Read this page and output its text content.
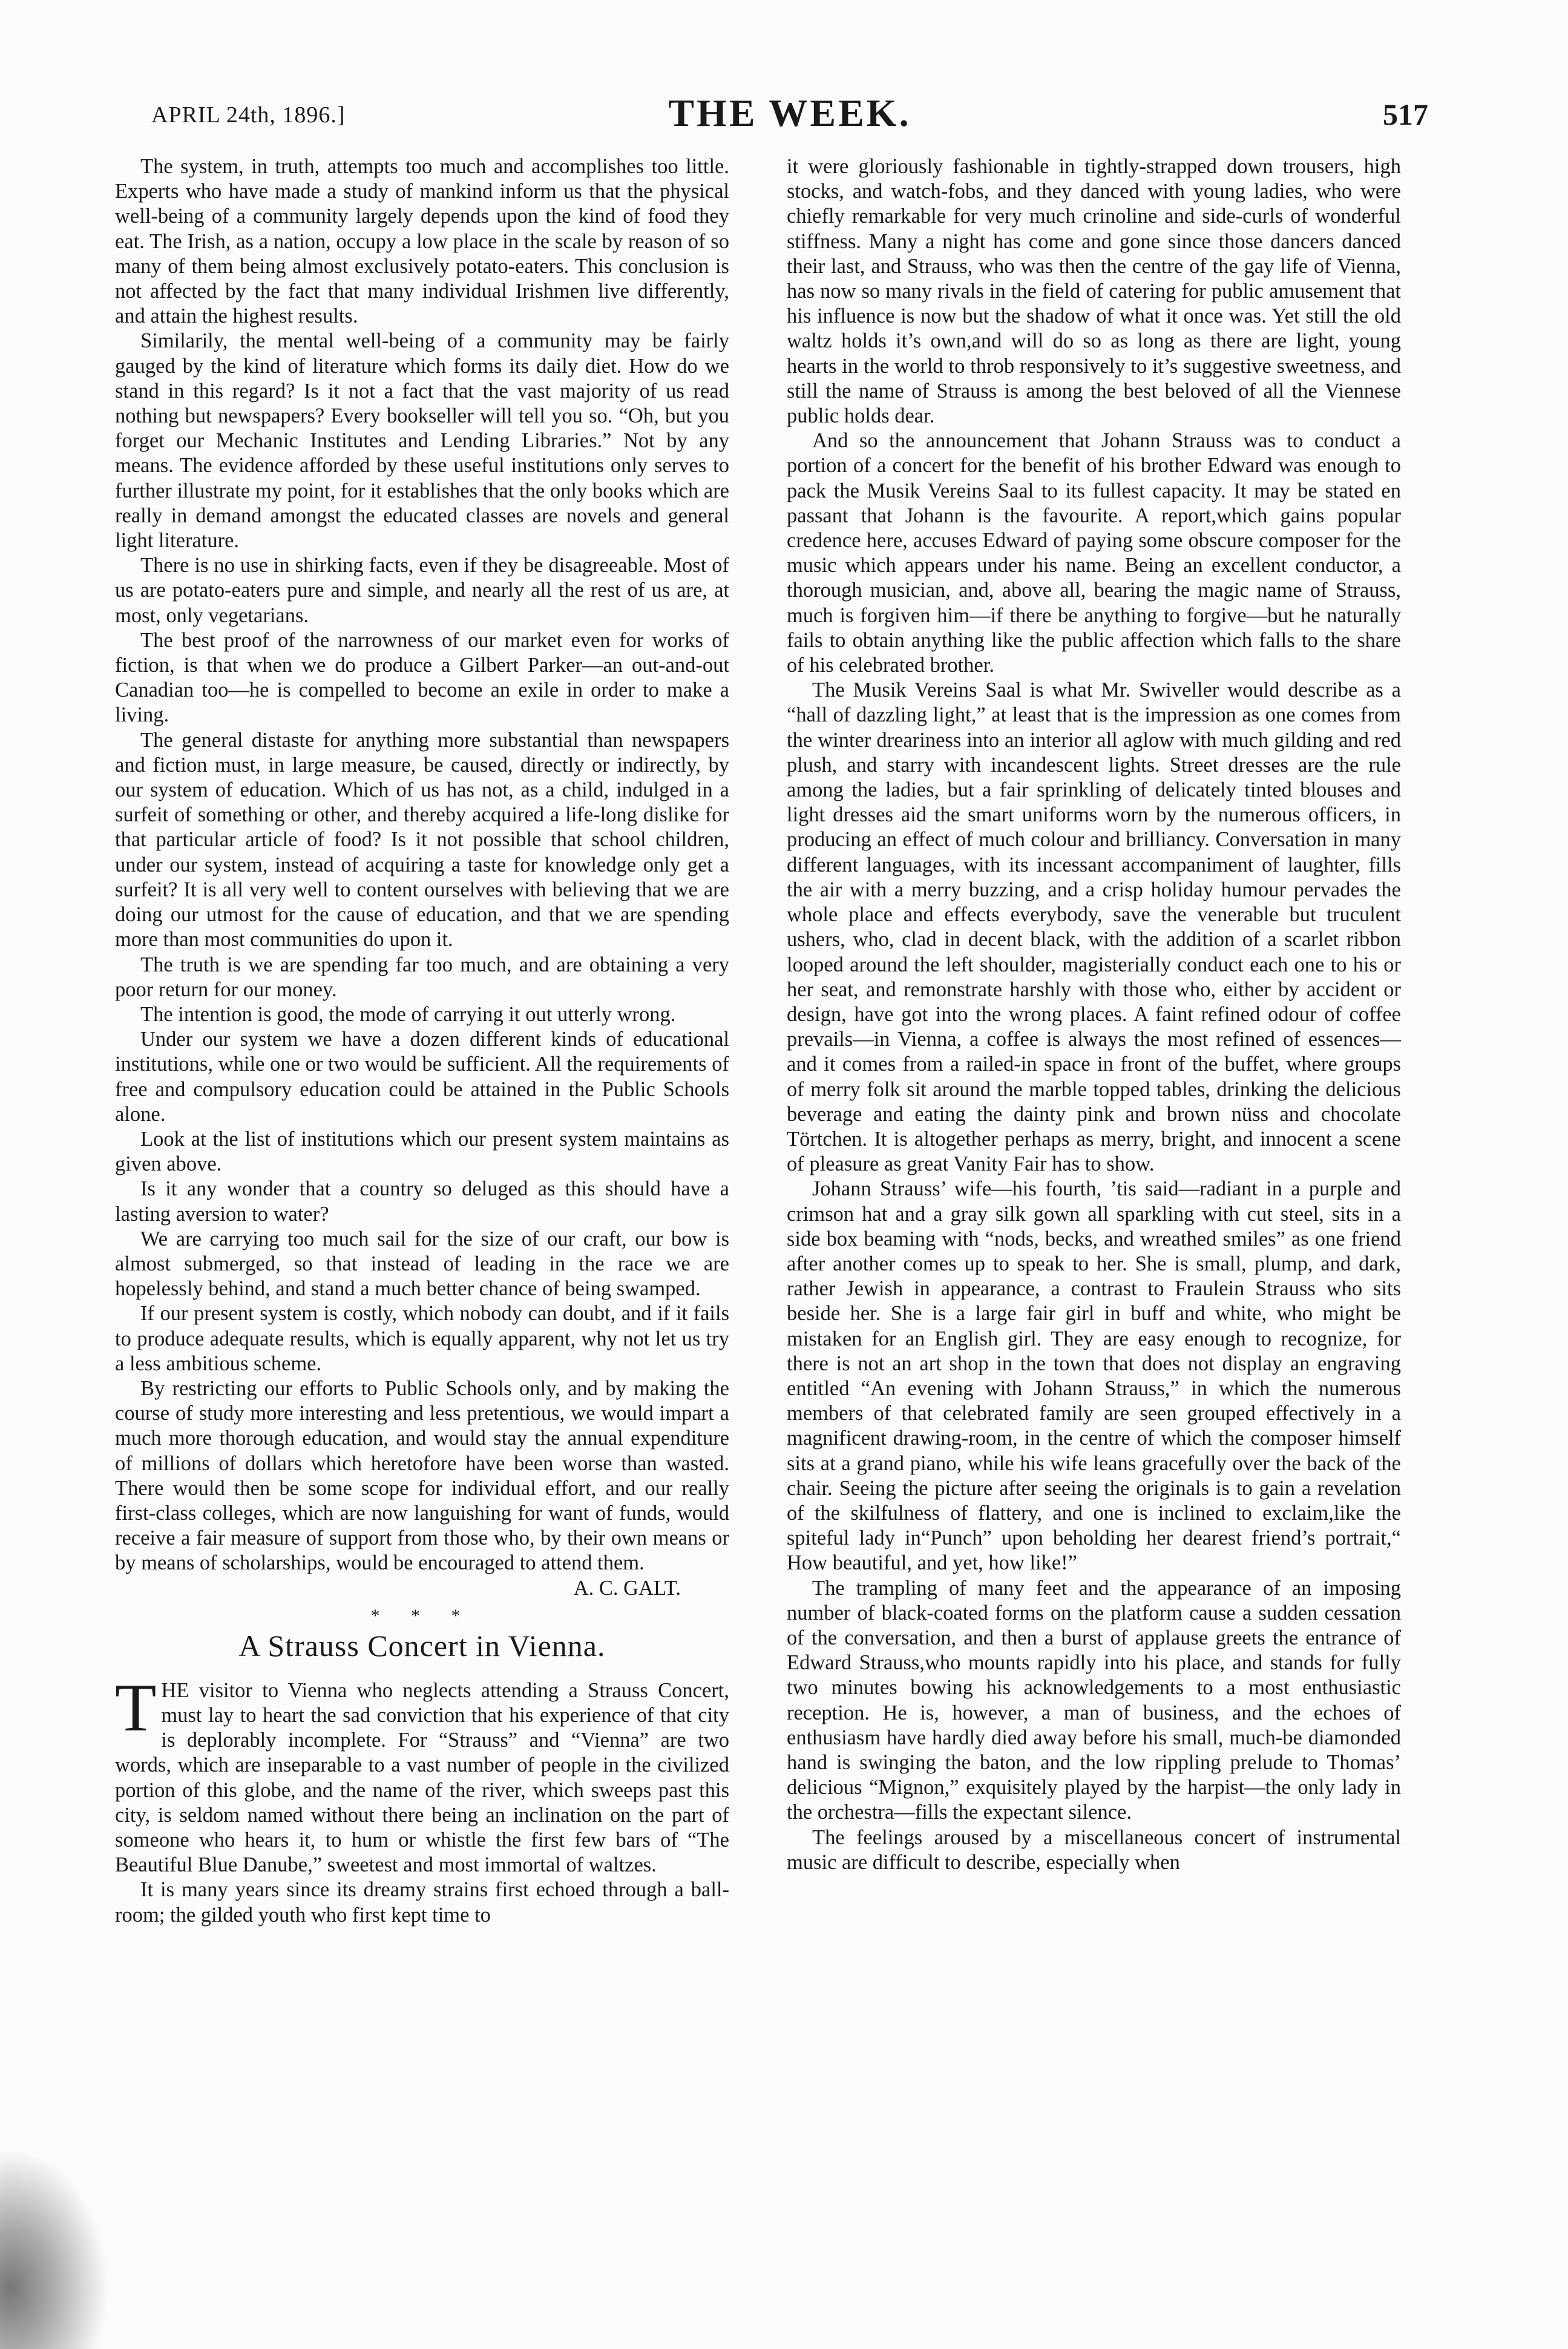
APRIL 24th, 1896.]	THE WEEK.	517

The system, in truth, attempts too much and accomplishes too little. Experts who have made a study of mankind inform us that the physical well-being of a community largely depends upon the kind of food they eat. The Irish, as a nation, occupy a low place in the scale by reason of so many of them being almost exclusively potato-eaters. This conclusion is not affected by the fact that many individual Irishmen live differently, and attain the highest results.

Similarily, the mental well-being of a community may be fairly gauged by the kind of literature which forms its daily diet. How do we stand in this regard? Is it not a fact that the vast majority of us read nothing but newspapers? Every bookseller will tell you so. “Oh, but you forget our Mechanic Institutes and Lending Libraries.” Not by any means. The evidence afforded by these useful institutions only serves to further illustrate my point, for it establishes that the only books which are really in demand amongst the educated classes are novels and general light literature.

There is no use in shirking facts, even if they be disagreeable. Most of us are potato-eaters pure and simple, and nearly all the rest of us are, at most, only vegetarians.

The best proof of the narrowness of our market even for works of fiction, is that when we do produce a Gilbert Parker—an out-and-out Canadian too—he is compelled to become an exile in order to make a living.

The general distaste for anything more substantial than newspapers and fiction must, in large measure, be caused, directly or indirectly, by our system of education. Which of us has not, as a child, indulged in a surfeit of something or other, and thereby acquired a life-long dislike for that particular article of food? Is it not possible that school children, under our system, instead of acquiring a taste for knowledge only get a surfeit? It is all very well to content ourselves with believing that we are doing our utmost for the cause of education, and that we are spending more than most communities do upon it.

The truth is we are spending far too much, and are obtaining a very poor return for our money.

The intention is good, the mode of carrying it out utterly wrong.

Under our system we have a dozen different kinds of educational institutions, while one or two would be sufficient. All the requirements of free and compulsory education could be attained in the Public Schools alone.

Look at the list of institutions which our present system maintains as given above.

Is it any wonder that a country so deluged as this should have a lasting aversion to water?

We are carrying too much sail for the size of our craft, our bow is almost submerged, so that instead of leading in the race we are hopelessly behind, and stand a much better chance of being swamped.

If our present system is costly, which nobody can doubt, and if it fails to produce adequate results, which is equally apparent, why not let us try a less ambitious scheme.

By restricting our efforts to Public Schools only, and by making the course of study more interesting and less pretentious, we would impart a much more thorough education, and would stay the annual expenditure of millions of dollars which heretofore have been worse than wasted. There would then be some scope for individual effort, and our really first-class colleges, which are now languishing for want of funds, would receive a fair measure of support from those who, by their own means or by means of scholarships, would be encouraged to attend them.

A. C. GALT.

* * *
A Strauss Concert in Vienna.

THE visitor to Vienna who neglects attending a Strauss Concert, must lay to heart the sad conviction that his experience of that city is deplorably incomplete. For “Strauss” and “Vienna” are two words, which are inseparable to a vast number of people in the civilized portion of this globe, and the name of the river, which sweeps past this city, is seldom named without there being an inclination on the part of someone who hears it, to hum or whistle the first few bars of “The Beautiful Blue Danube,” sweetest and most immortal of waltzes.

It is many years since its dreamy strains first echoed through a ball-room; the gilded youth who first kept time to

it were gloriously fashionable in tightly-strapped down trousers, high stocks, and watch-fobs, and they danced with young ladies, who were chiefly remarkable for very much crinoline and side-curls of wonderful stiffness. Many a night has come and gone since those dancers danced their last, and Strauss, who was then the centre of the gay life of Vienna, has now so many rivals in the field of catering for public amusement that his influence is now but the shadow of what it once was. Yet still the old waltz holds it’s own,and will do so as long as there are light, young hearts in the world to throb responsively to it’s suggestive sweetness, and still the name of Strauss is among the best beloved of all the Viennese public holds dear.

And so the announcement that Johann Strauss was to conduct a portion of a concert for the benefit of his brother Edward was enough to pack the Musik Vereins Saal to its fullest capacity. It may be stated en passant that Johann is the favourite. A report,which gains popular credence here, accuses Edward of paying some obscure composer for the music which appears under his name. Being an excellent conductor, a thorough musician, and, above all, bearing the magic name of Strauss, much is forgiven him—if there be anything to forgive—but he naturally fails to obtain anything like the public affection which falls to the share of his celebrated brother.

The Musik Vereins Saal is what Mr. Swiveller would describe as a “hall of dazzling light,” at least that is the impression as one comes from the winter dreariness into an interior all aglow with much gilding and red plush, and starry with incandescent lights. Street dresses are the rule among the ladies, but a fair sprinkling of delicately tinted blouses and light dresses aid the smart uniforms worn by the numerous officers, in producing an effect of much colour and brilliancy. Conversation in many different languages, with its incessant accompaniment of laughter, fills the air with a merry buzzing, and a crisp holiday humour pervades the whole place and effects everybody, save the venerable but truculent ushers, who, clad in decent black, with the addition of a scarlet ribbon looped around the left shoulder, magisterially conduct each one to his or her seat, and remonstrate harshly with those who, either by accident or design, have got into the wrong places. A faint refined odour of coffee prevails—in Vienna, a coffee is always the most refined of essences—and it comes from a railed-in space in front of the buffet, where groups of merry folk sit around the marble topped tables, drinking the delicious beverage and eating the dainty pink and brown nüss and chocolate Törtchen. It is altogether perhaps as merry, bright, and innocent a scene of pleasure as great Vanity Fair has to show.

Johann Strauss’ wife—his fourth, ’tis said—radiant in a purple and crimson hat and a gray silk gown all sparkling with cut steel, sits in a side box beaming with “nods, becks, and wreathed smiles” as one friend after another comes up to speak to her. She is small, plump, and dark, rather Jewish in appearance, a contrast to Fraulein Strauss who sits beside her. She is a large fair girl in buff and white, who might be mistaken for an English girl. They are easy enough to recognize, for there is not an art shop in the town that does not display an engraving entitled “An evening with Johann Strauss,” in which the numerous members of that celebrated family are seen grouped effectively in a magnificent drawing-room, in the centre of which the composer himself sits at a grand piano, while his wife leans gracefully over the back of the chair. Seeing the picture after seeing the originals is to gain a revelation of the skilfulness of flattery, and one is inclined to exclaim,like the spiteful lady in“Punch” upon beholding her dearest friend’s portrait,“ How beautiful, and yet, how like!”

The trampling of many feet and the appearance of an imposing number of black-coated forms on the platform cause a sudden cessation of the conversation, and then a burst of applause greets the entrance of Edward Strauss,who mounts rapidly into his place, and stands for fully two minutes bowing his acknowledgements to a most enthusiastic reception. He is, however, a man of business, and the echoes of enthusiasm have hardly died away before his small, much-be diamonded hand is swinging the baton, and the low rippling prelude to Thomas’ delicious “Mignon,” exquisitely played by the harpist—the only lady in the orchestra—fills the expectant silence.

The feelings aroused by a miscellaneous concert of instrumental music are difficult to describe, especially when
